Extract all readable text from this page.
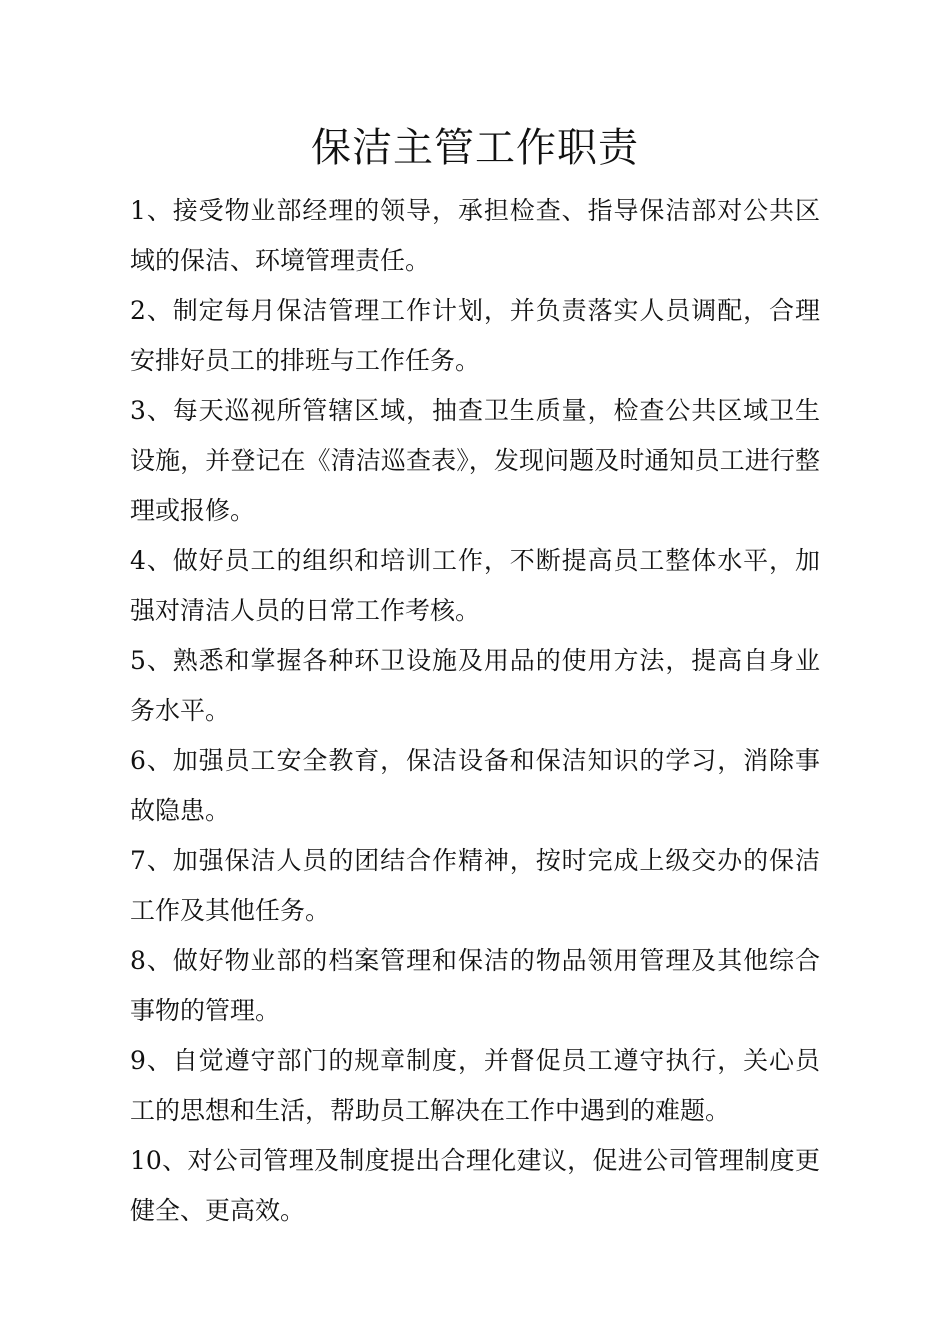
保洁主管工作职责

1、接受物业部经理的领导，承担检查、指导保洁部对公共区域的保洁、环境管理责任。

2、制定每月保洁管理工作计划，并负责落实人员调配，合理安排好员工的排班与工作任务。

3、每天巡视所管辖区域，抽查卫生质量，检查公共区域卫生设施，并登记在《清洁巡查表》，发现问题及时通知员工进行整理或报修。

4、做好员工的组织和培训工作，不断提高员工整体水平，加强对清洁人员的日常工作考核。

5、熟悉和掌握各种环卫设施及用品的使用方法，提高自身业务水平。

6、加强员工安全教育，保洁设备和保洁知识的学习，消除事故隐患。

7、加强保洁人员的团结合作精神，按时完成上级交办的保洁工作及其他任务。

8、做好物业部的档案管理和保洁的物品领用管理及其他综合事物的管理。

9、自觉遵守部门的规章制度，并督促员工遵守执行，关心员工的思想和生活，帮助员工解决在工作中遇到的难题。

10、对公司管理及制度提出合理化建议，促进公司管理制度更健全、更高效。
